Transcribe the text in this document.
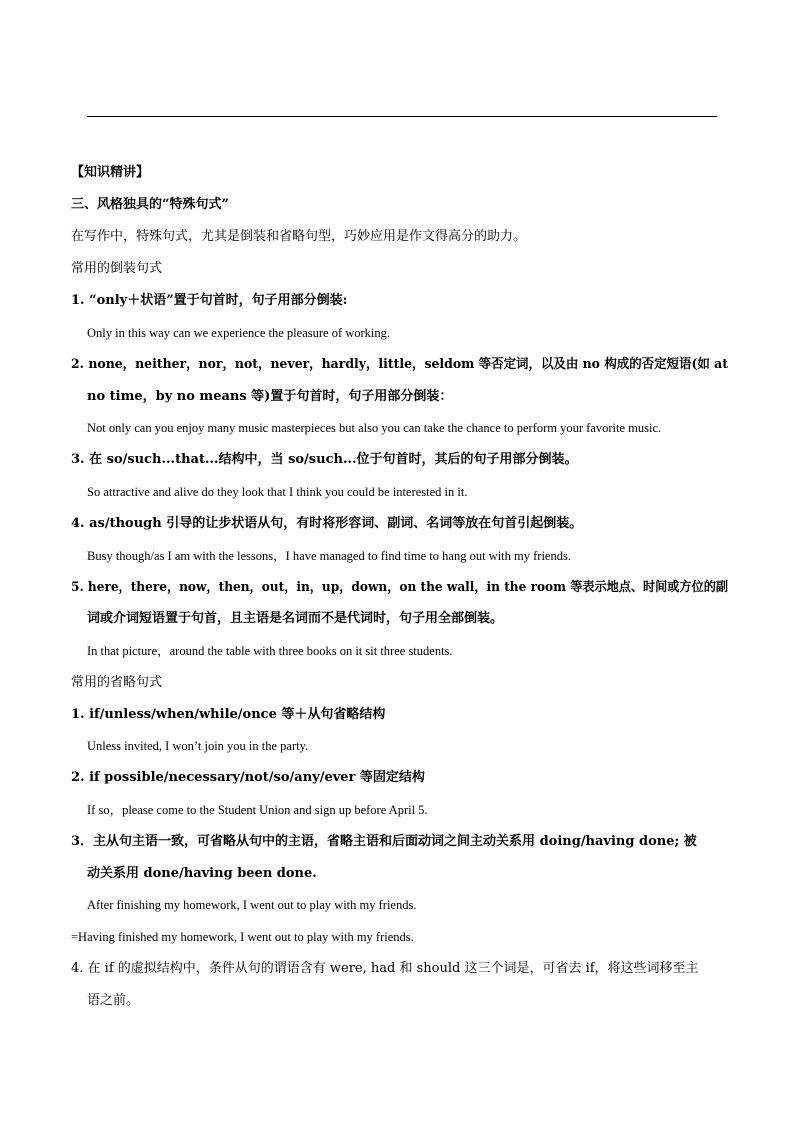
【知识精讲】
三、风格独具的“特殊句式”
在写作中，特殊句式，尤其是倒装和省略句型，巧妙应用是作文得高分的助力。
常用的倒装句式
1. “only＋状语”置于句首时，句子用部分倒装:
Only in this way can we experience the pleasure of working.
2. none，neither，nor，not，never，hardly，little，seldom 等否定词，以及由 no 构成的否定短语(如 at
no time，by no means 等)置于句首时，句子用部分倒装：
Not only can you enjoy many music masterpieces but also you can take the chance to perform your favorite music.
3. 在 so/such...that...结构中，当 so/such...位于句首时，其后的句子用部分倒装。
So attractive and alive do they look that I think you could be interested in it.
4. as/though 引导的让步状语从句，有时将形容词、副词、名词等放在句首引起倒装。
Busy though/as I am with the lessons，I have managed to find time to hang out with my friends.
5. here，there，now，then，out，in，up，down，on the wall，in the room 等表示地点、时间或方位的副
词或介词短语置于句首，且主语是名词而不是代词时，句子用全部倒装。
In that picture，around the table with three books on it sit three students.
常用的省略句式
1. if/unless/when/while/once 等＋从句省略结构
Unless invited, I won’t join you in the party.
2. if possible/necessary/not/so/any/ever 等固定结构
If so，please come to the Student Union and sign up before April 5.
3．主从句主语一致，可省略从句中的主语，省略主语和后面动词之间主动关系用 doing/having done; 被
动关系用 done/having been done.
After finishing my homework, I went out to play with my friends.
=Having finished my homework, I went out to play with my friends.
4. 在 if 的虚拟结构中，条件从句的谓语含有 were, had 和 should 这三个词是，可省去 if，将这些词移至主
语之前。
